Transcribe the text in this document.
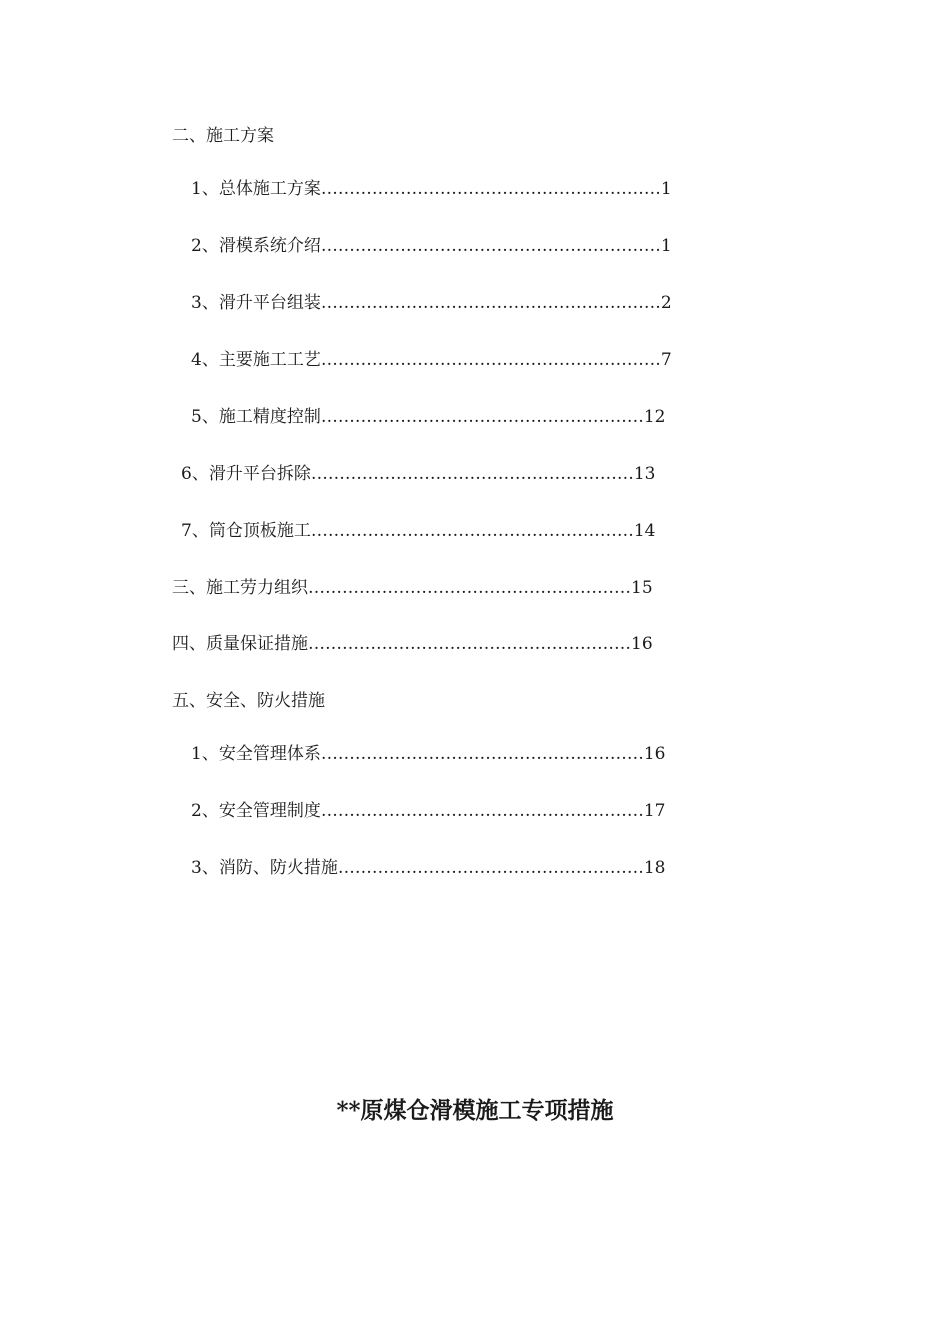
二、施工方案
1、总体施工方案……………………………………………………1
2、滑模系统介绍……………………………………………………1
3、滑升平台组装……………………………………………………2
4、主要施工工艺……………………………………………………7
5、施工精度控制…………………………………………………12
6、滑升平台拆除…………………………………………………13
7、筒仓顶板施工…………………………………………………14
三、施工劳力组织…………………………………………………15
四、质量保证措施…………………………………………………16
五、安全、防火措施
1、安全管理体系…………………………………………………16
2、安全管理制度…………………………………………………17
3、消防、防火措施………………………………………………18
**原煤仓滑模施工专项措施
